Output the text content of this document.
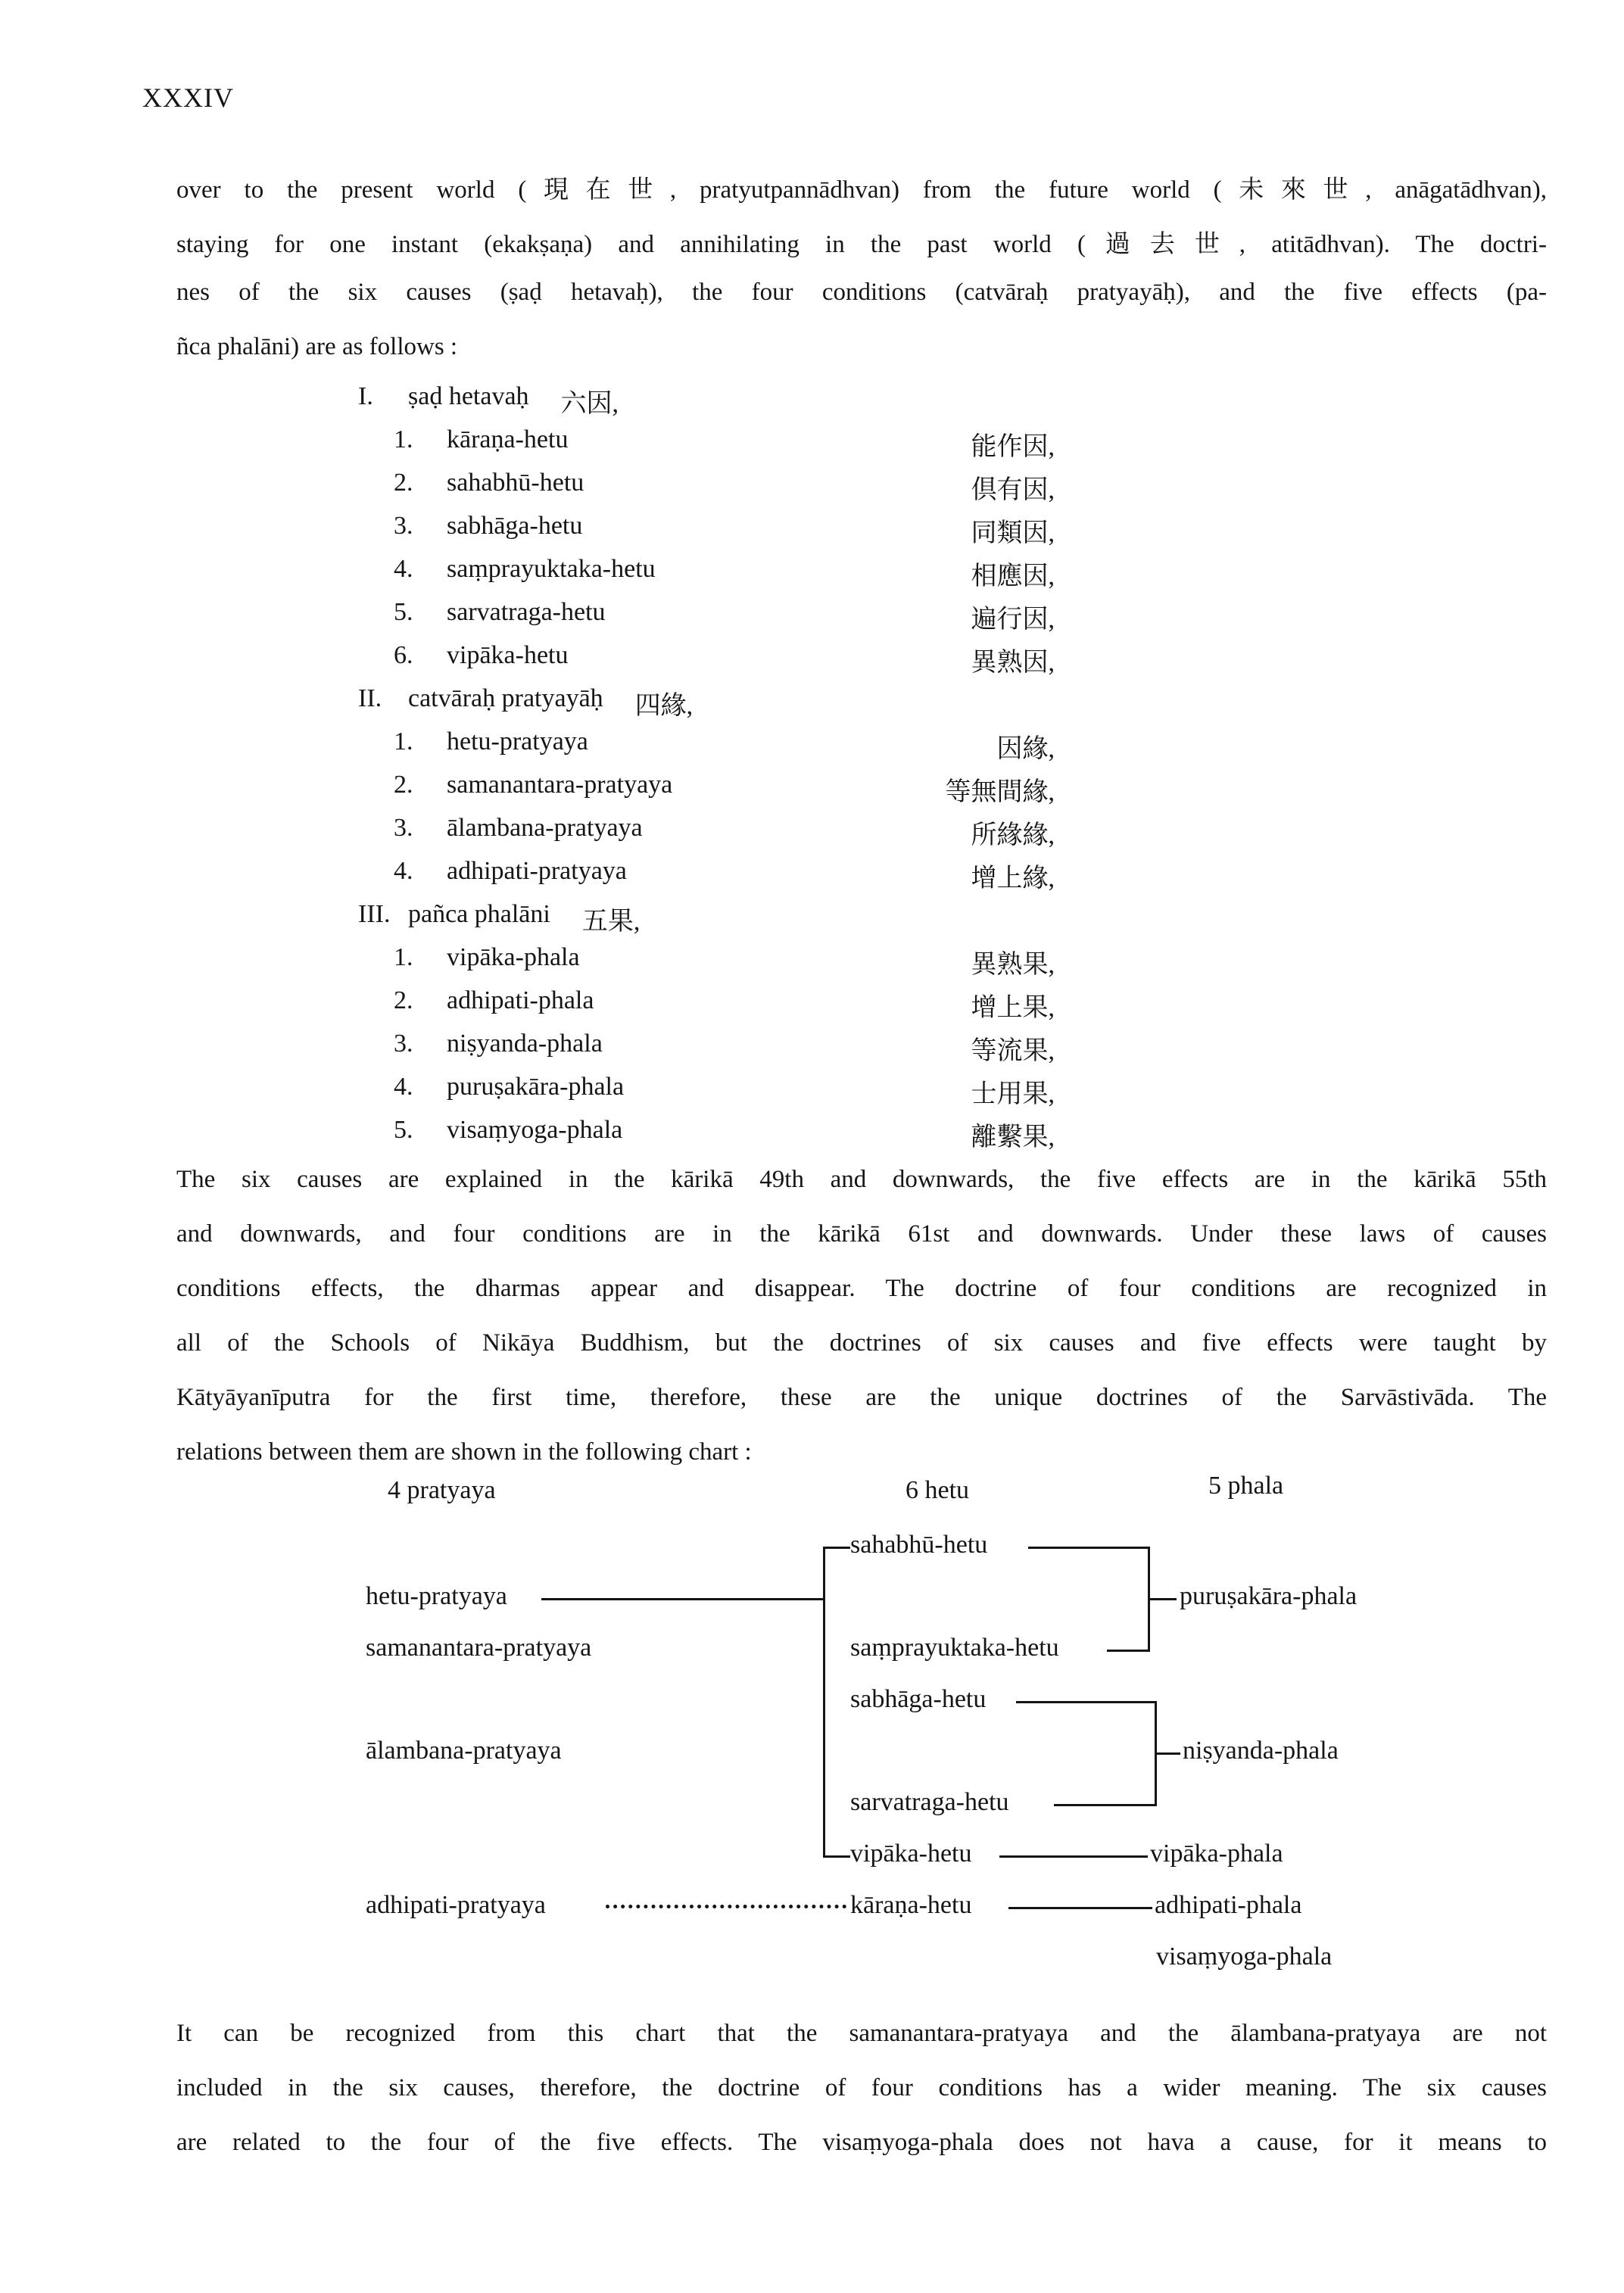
XXXIV
over to the present world (現在世, pratyutpannādhvan) from the future world (未來世, anāgatādhvan),
staying for one instant (ekakṣaṇa) and annihilating in the past world (過去世, atitādhvan). The doctri-
nes of the six causes (ṣaḍ hetavaḥ), the four conditions (catvāraḥ pratyayāḥ), and the five effects (pa-
ñca phalāni) are as follows :
I.	ṣaḍ hetavaḥ 六因,
1.	kāraṇa-hetu	能作因,
2.	sahabhū-hetu	倶有因,
3.	sabhāga-hetu	同類因,
4.	saṃprayuktaka-hetu	相應因,
5.	sarvatraga-hetu	遍行因,
6.	vipāka-hetu	異熟因,
II.	catvāraḥ pratyayāḥ 四緣,
1.	hetu-pratyaya	因緣,
2.	samanantara-pratyaya	等無間緣,
3.	ālambana-pratyaya	所緣緣,
4.	adhipati-pratyaya	增上緣,
III. pañca phalāni 五果,
1.	vipāka-phala	異熟果,
2.	adhipati-phala	增上果,
3.	niṣyanda-phala	等流果,
4.	puruṣakāra-phala	士用果,
5.	visaṃyoga-phala	離繫果,
The six causes are explained in the kārikā 49th and downwards, the five effects are in the kārikā 55th
and downwards, and four conditions are in the kārikā 61st and downwards. Under these laws of causes
conditions effects, the dharmas appear and disappear. The doctrine of four conditions are recognized in
all of the Schools of Nikāya Buddhism, but the doctrines of six causes and five effects were taught by
Kātyāyanīputra for the first time, therefore, these are the unique doctrines of the Sarvāstivāda. The
relations between them are shown in the following chart :
4 pratyaya	6 hetu	5 phala
sahabhū-hetu
hetu-pratyaya	puruṣakāra-phala
samanantara-pratyaya	saṃprayuktaka-hetu
sabhāga-hetu
ālambana-pratyaya	niṣyanda-phala
sarvatraga-hetu
vipāka-hetu	vipāka-phala
adhipati-pratyaya	kāraṇa-hetu	adhipati-phala
visaṃyoga-phala
It can be recognized from this chart that the samanantara-pratyaya and the ālambana-pratyaya are not
included in the six causes, therefore, the doctrine of four conditions has a wider meaning. The six causes
are related to the four of the five effects. The visaṃyoga-phala does not hava a cause, for it means to
